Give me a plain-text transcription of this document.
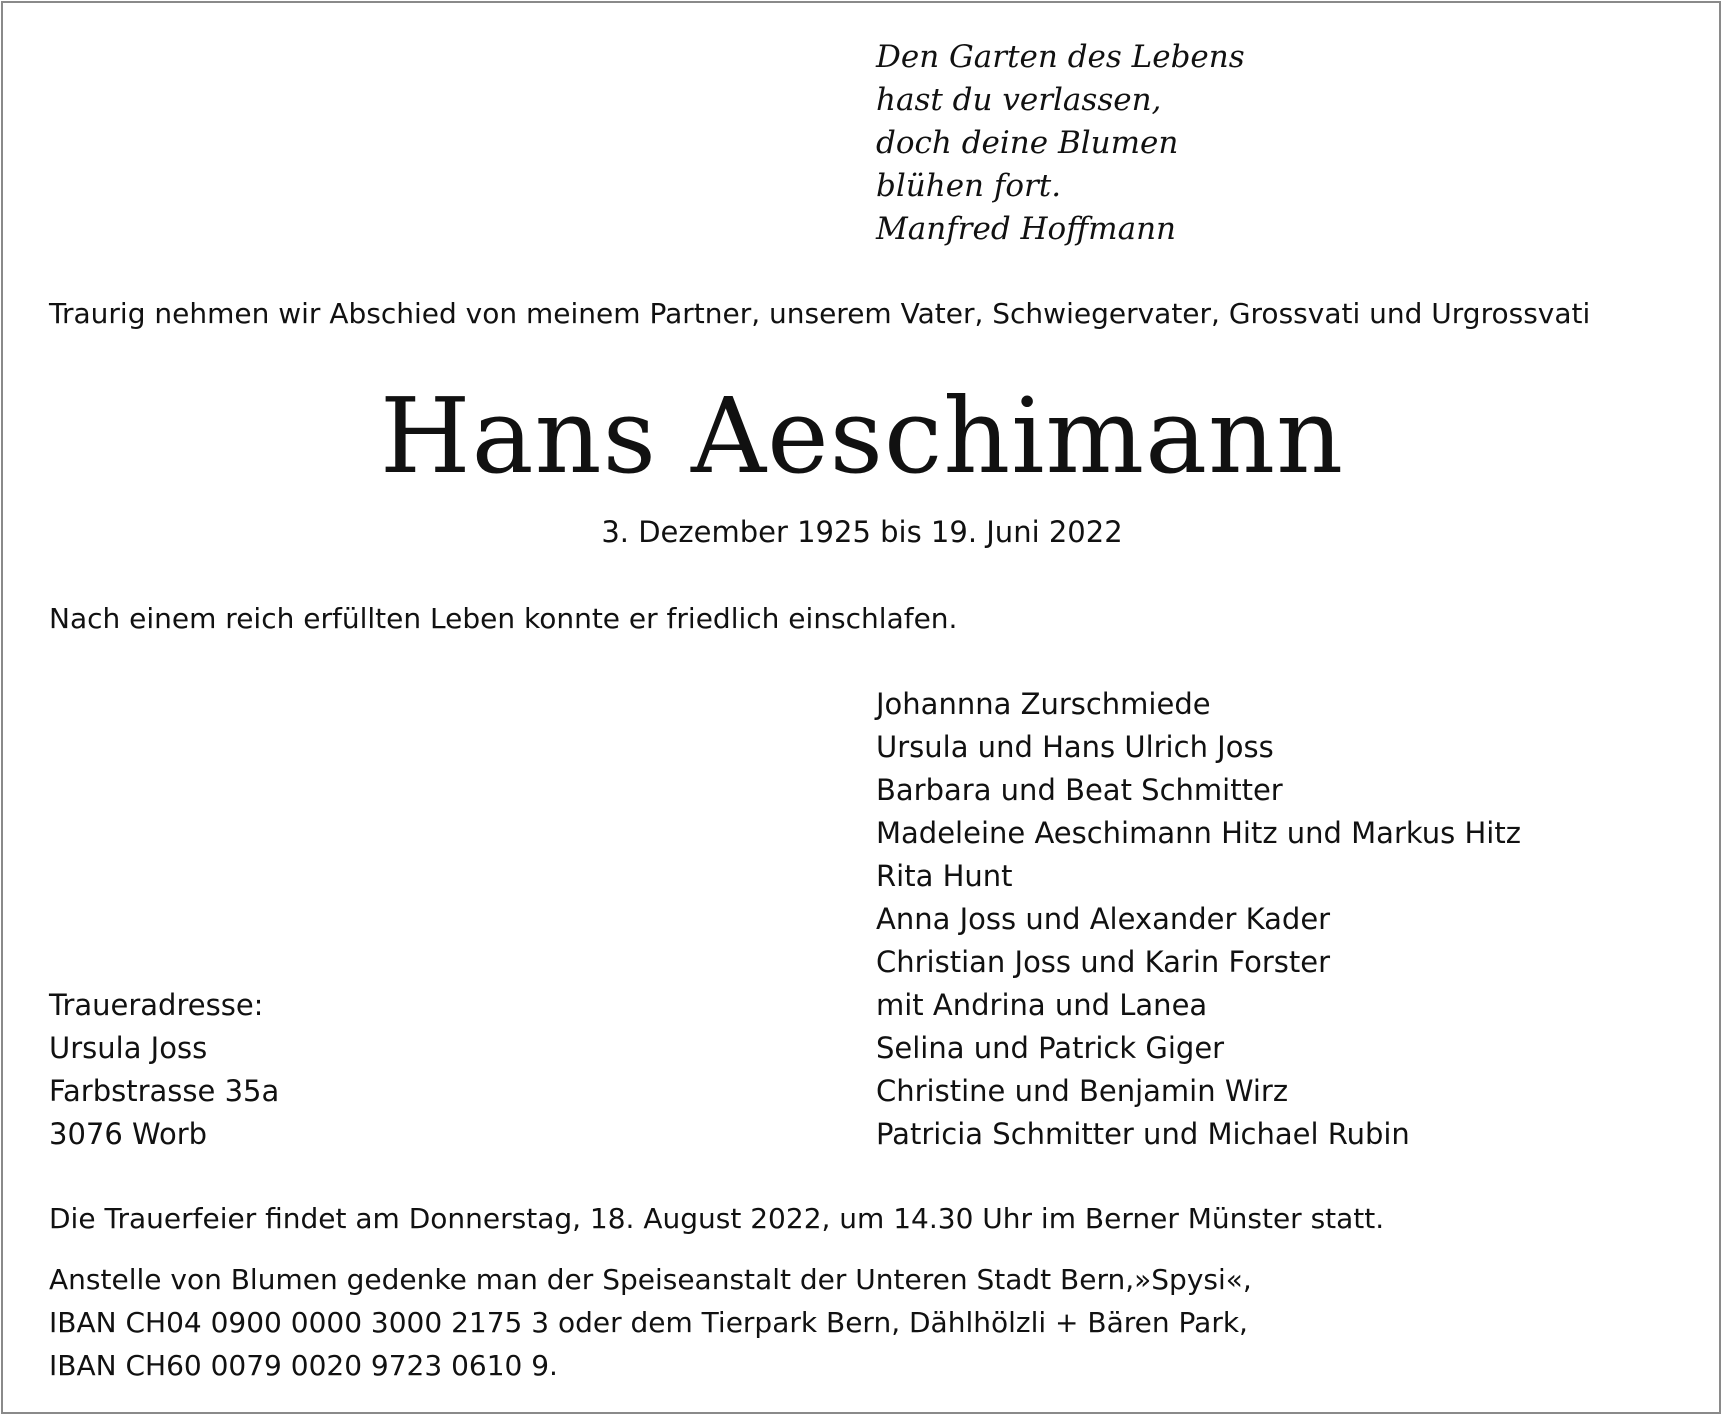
Den Garten des Lebens
hast du verlassen,
doch deine Blumen
blühen fort.
Manfred Hoffmann
Traurig nehmen wir Abschied von meinem Partner, unserem Vater, Schwiegervater, Grossvati und Urgrossvati
Hans Aeschimann
3. Dezember 1925 bis 19. Juni 2022
Nach einem reich erfüllten Leben konnte er friedlich einschlafen.
Johannna Zurschmiede
Ursula und Hans Ulrich Joss
Barbara und Beat Schmitter
Madeleine Aeschimann Hitz und Markus Hitz
Rita Hunt
Anna Joss und Alexander Kader
Christian Joss und Karin Forster
mit Andrina und Lanea
Selina und Patrick Giger
Christine und Benjamin Wirz
Patricia Schmitter und Michael Rubin
Traueradresse:
Ursula Joss
Farbstrasse 35a
3076 Worb
Die Trauerfeier findet am Donnerstag, 18. August 2022, um 14.30 Uhr im Berner Münster statt.
Anstelle von Blumen gedenke man der Speiseanstalt der Unteren Stadt Bern,»Spysi«,
IBAN CH04 0900 0000 3000 2175 3 oder dem Tierpark Bern, Dählhölzli + Bären Park,
IBAN CH60 0079 0020 9723 0610 9.
